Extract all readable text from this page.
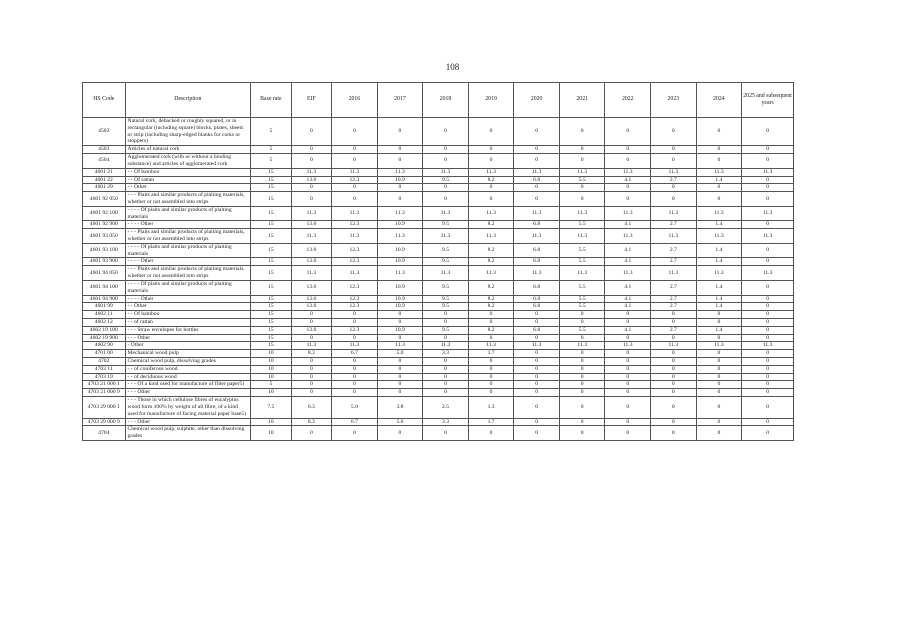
108
HS Code	Description	Base rate	EIF	2016	2017	2018	2019	2020	2021	2022	2023	2024	2025 and subsequent years
4502	Natural cork, debacked or roughly squared, or in rectangular (including square) blocks, plates, sheets or strip (including sharp-edged blanks for corks or stoppers)	5	0	0	0	0	0	0	0	0	0	0	0
4503	Articles of natural cork	5	0	0	0	0	0	0	0	0	0	0	0
4504	Agglomerated cork (with or without a binding substance) and articles of agglomerated cork	5	0	0	0	0	0	0	0	0	0	0	0
4601 21	- - Of bamboo	15	11.3	11.3	11.3	11.3	11.3	11.3	11.3	11.3	11.3	11.3	11.3
4601 22	- - Of rattan	15	13.6	12.3	10.9	9.5	8.2	6.8	5.5	4.1	2.7	1.4	0
4601 29	- - Other	15	0	0	0	0	0	0	0	0	0	0	0
4601 92 050	- - - Plaits and similar products of plaiting materials, whether or not assembled into strips	15	0	0	0	0	0	0	0	0	0	0	0
4601 92 100	- - - - Of plaits and similar products of plaiting materials	15	11.3	11.3	11.3	11.3	11.3	11.3	11.3	11.3	11.3	11.3	11.3
4601 92 900	- - - - Other	15	13.6	12.3	10.9	9.5	8.2	6.8	5.5	4.1	2.7	1.4	0
4601 93 050	- - - Plaits and similar products of plaiting materials, whether or not assembled into strips	15	11.3	11.3	11.3	11.3	11.3	11.3	11.3	11.3	11.3	11.3	11.3
4601 93 100	- - - - Of plaits and similar products of plaiting materials	15	13.6	12.3	10.9	9.5	8.2	6.8	5.5	4.1	2.7	1.4	0
4601 93 900	- - - - Other	15	13.6	12.3	10.9	9.5	8.2	6.8	5.5	4.1	2.7	1.4	0
4601 94 050	- - - Plaits and similar products of plaiting materials, whether or not assembled into strips	15	11.3	11.3	11.3	11.3	11.3	11.3	11.3	11.3	11.3	11.3	11.3
4601 94 100	- - - - Of plaits and similar products of plaiting materials	15	13.6	12.3	10.9	9.5	8.2	6.8	5.5	4.1	2.7	1.4	0
4601 94 900	- - - - Other	15	13.6	12.3	10.9	9.5	8.2	6.8	5.5	4.1	2.7	1.4	0
4601 99	- - Other	15	13.6	12.3	10.9	9.5	8.2	6.8	5.5	4.1	2.7	1.4	0
4602 11	- - Of bamboo	15	0	0	0	0	0	0	0	0	0	0	0
4602 12	- - of rattan	15	0	0	0	0	0	0	0	0	0	0	0
4602 19 100	- - - Straw envelopes for bottles	15	13.6	12.3	10.9	9.5	8.2	6.8	5.5	4.1	2.7	1.4	0
4602 19 900	- - - Other	15	0	0	0	0	0	0	0	0	0	0	0
4602 90	- Other	15	11.3	11.3	11.3	11.3	11.3	11.3	11.3	11.3	11.3	11.3	11.3
4701 00	Mechanical wood pulp	10	8.3	6.7	5.0	3.3	1.7	0	0	0	0	0	0
4702	Chemical wood pulp, dissolving grades	10	0	0	0	0	0	0	0	0	0	0	0
4703 11	- - of coniferous wood	10	0	0	0	0	0	0	0	0	0	0	0
4703 19	- - of deciduous wood	10	0	0	0	0	0	0	0	0	0	0	0
4703 21 000 1	- - - Of a kind used for manufacture of filter paper5)	5	0	0	0	0	0	0	0	0	0	0	0
4703 21 000 9	- - - Other	10	0	0	0	0	0	0	0	0	0	0	0
4703 29 000 1	- - - Those in which cellulose fibres of eucalyptus wood form 100% by weight of all fibre, of a kind used for manufacture of facing material paper base5)	7.5	6.3	5.0	3.8	2.5	1.3	0	0	0	0	0	0
4703 29 000 9	- - - Other	10	8.3	6.7	5.0	3.3	1.7	0	0	0	0	0	0
4704	Chemical wood pulp, sulphite, other than dissolving grades	10	0	0	0	0	0	0	0	0	0	0	0
